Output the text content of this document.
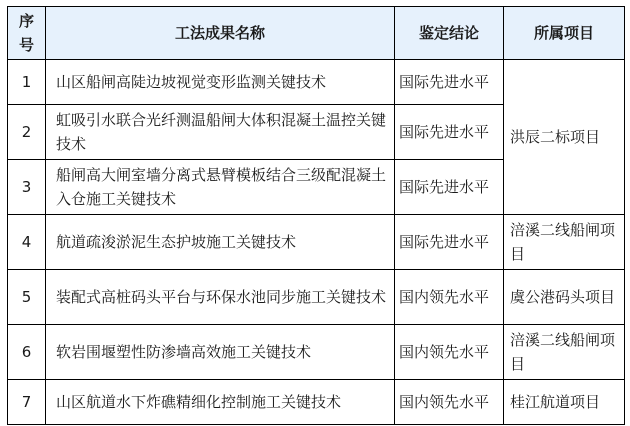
序号	工法成果名称	鉴定结论	所属项目
1	山区船闸高陡边坡视觉变形监测关键技术	国际先进水平	洪辰二标项目
2	虹吸引水联合光纤测温船闸大体积混凝土温控关键技术	国际先进水平	
3	船闸高大闸室墙分离式悬臂模板结合三级配混凝土入仓施工关键技术	国际先进水平	
4	航道疏浚淤泥生态护坡施工关键技术	国际先进水平	涪溪二线船闸项目
5	装配式高桩码头平台与环保水池同步施工关键技术	国内领先水平	虞公港码头项目
6	软岩围堰塑性防渗墙高效施工关键技术	国内领先水平	涪溪二线船闸项目
7	山区航道水下炸礁精细化控制施工关键技术	国内领先水平	桂江航道项目
